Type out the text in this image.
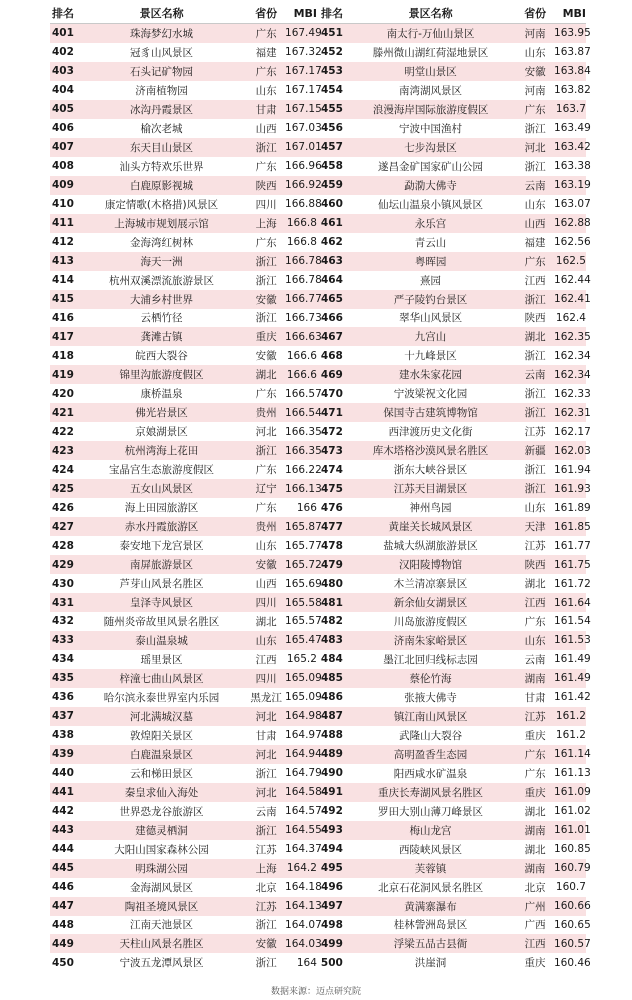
排名	景区名称	省份	MBI 排名	景区名称	省份	MBI
401	珠海梦幻水城	广东 167.49 451	南太行-万仙山景区	河南 163.95
402	冠豸山风景区	福建 167.32 452	滕州微山湖红荷湿地景区	山东 163.87
403	石头记矿物园	广东 167.17 453	明堂山景区	安徽 163.84
404	济南植物园	山东 167.17 454	南湾湖风景区	河南 163.82
405	冰沟丹霞景区	甘肃 167.15 455	浪漫海岸国际旅游度假区	广东 163.7
406	榆次老城	山西 167.03 456	宁波中国渔村	浙江 163.49
407	东天目山景区	浙江 167.01 457	七步沟景区	河北 163.42
408	汕头方特欢乐世界	广东 166.96 458	遂昌金矿国家矿山公园	浙江 163.38
409	白鹿原影视城	陕西 166.92 459	勐泐大佛寺	云南 163.19
410	康定情歌(木格措)风景区	四川 166.88 460	仙坛山温泉小镇风景区	山东 163.07
411	上海城市规划展示馆	上海 166.8 461	永乐宫	山西 162.88
412	金海湾红树林	广东 166.8 462	青云山	福建 162.56
413	海天一洲	浙江 166.78 463	粤晖园	广东 162.5
414	杭州双溪漂流旅游景区	浙江 166.78 464	熹园	江西 162.44
415	大浦乡村世界	安徽 166.77 465	严子陵钓台景区	浙江 162.41
416	云栖竹径	浙江 166.73 466	翠华山风景区	陕西 162.4
417	龚滩古镇	重庆 166.63 467	九宫山	湖北 162.35
418	皖西大裂谷	安徽 166.6 468	十九峰景区	浙江 162.34
419	锦里沟旅游度假区	湖北 166.6 469	建水朱家花园	云南 162.34
420	康桥温泉	广东 166.57 470	宁波梁祝文化园	浙江 162.33
421	佛光岩景区	贵州 166.54 471	保国寺古建筑博物馆	浙江 162.31
422	京娘湖景区	河北 166.35 472	西津渡历史文化街	江苏 162.17
423	杭州湾海上花田	浙江 166.35 473	库木塔格沙漠风景名胜区	新疆 162.03
424	宝晶宫生态旅游度假区	广东 166.22 474	浙东大峡谷景区	浙江 161.94
425	五女山风景区	辽宁 166.13 475	江苏天目湖景区	浙江 161.93
426	海上田园旅游区	广东	166 476	神州鸟园	山东 161.89
427	赤水丹霞旅游区	贵州 165.87 477	黄崖关长城风景区	天津 161.85
428	泰安地下龙宫景区	山东 165.77 478	盐城大纵湖旅游景区	江苏 161.77
429	南屏旅游景区	安徽 165.72 479	汉阳陵博物馆	陕西 161.75
430	芦芽山风景名胜区	山西 165.69 480	木兰清凉寨景区	湖北 161.72
431	皇泽寺风景区	四川 165.58 481	新余仙女湖景区	江西 161.64
432	随州炎帝故里风景名胜区	湖北 165.57 482	川岛旅游度假区	广东 161.54
433	泰山温泉城	山东 165.47 483	济南朱家峪景区	山东 161.53
434	瑶里景区	江西 165.2 484	墨江北回归线标志园	云南 161.49
435	梓潼七曲山风景区	四川 165.09 485	蔡伦竹海	湖南 161.49
436	哈尔滨永泰世界室内乐园	黑龙江 165.09 486	张掖大佛寺	甘肃 161.42
437	河北满城汉墓	河北 164.98 487	镇江南山风景区	江苏 161.2
438	敦煌阳关景区	甘肃 164.97 488	武隆山大裂谷	重庆 161.2
439	白鹿温泉景区	河北 164.94 489	高明盈香生态园	广东 161.14
440	云和梯田景区	浙江 164.79 490	阳西咸水矿温泉	广东 161.13
441	秦皇求仙入海处	河北 164.58 491	重庆长寿湖风景名胜区	重庆 161.09
442	世界恐龙谷旅游区	云南 164.57 492	罗田大别山薄刀峰景区	湖北 161.02
443	建德灵栖洞	浙江 164.55 493	梅山龙宫	湖南 161.01
444	大阳山国家森林公园	江苏 164.37 494	西陵峡风景区	湖北 160.85
445	明珠湖公园	上海 164.2 495	芙蓉镇	湖南 160.79
446	金海湖风景区	北京 164.18 496	北京石花洞风景名胜区	北京 160.7
447	陶祖圣境风景区	江苏 164.13 497	黄满寨瀑布	广州 160.66
448	江南天池景区	浙江 164.07 498	桂林訾洲岛景区	广西 160.65
449	天柱山风景名胜区	安徽 164.03 499	浮梁五品古县衙	江西 160.57
450	宁波五龙潭风景区	浙江	164 500	洪崖洞	重庆 160.46
数据来源：迈点研究院
